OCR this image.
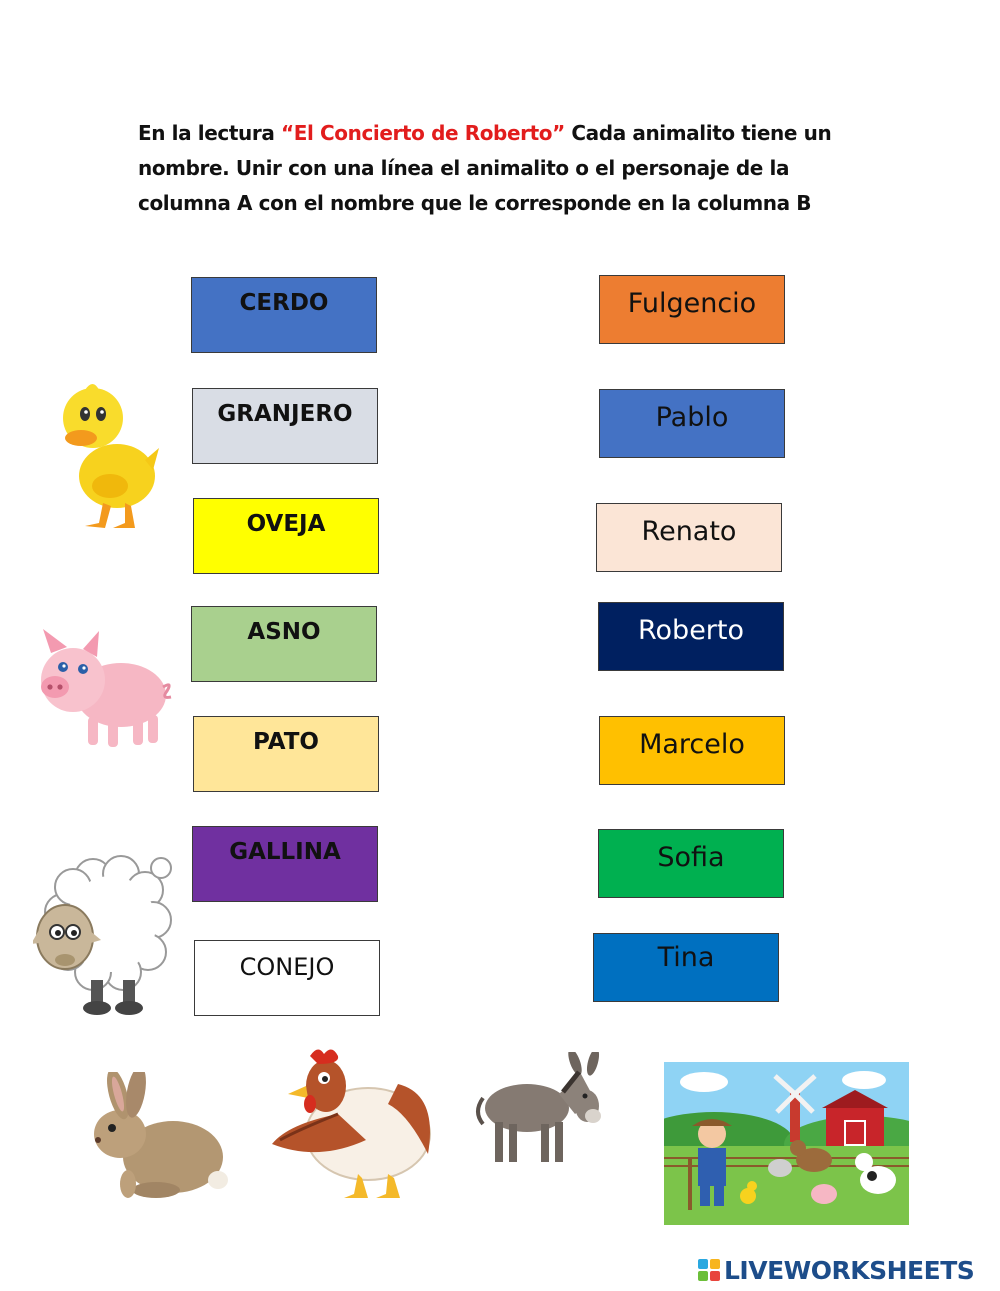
En la lectura “El Concierto de Roberto” Cada animalito tiene un nombre. Unir con una línea el animalito o el personaje de la columna A con el nombre que le corresponde en la columna B
CERDO
GRANJERO
OVEJA
ASNO
PATO
GALLINA
CONEJO
Fulgencio
Pablo
Renato
Roberto
Marcelo
Sofia
Tina
LIVEWORKSHEETS
